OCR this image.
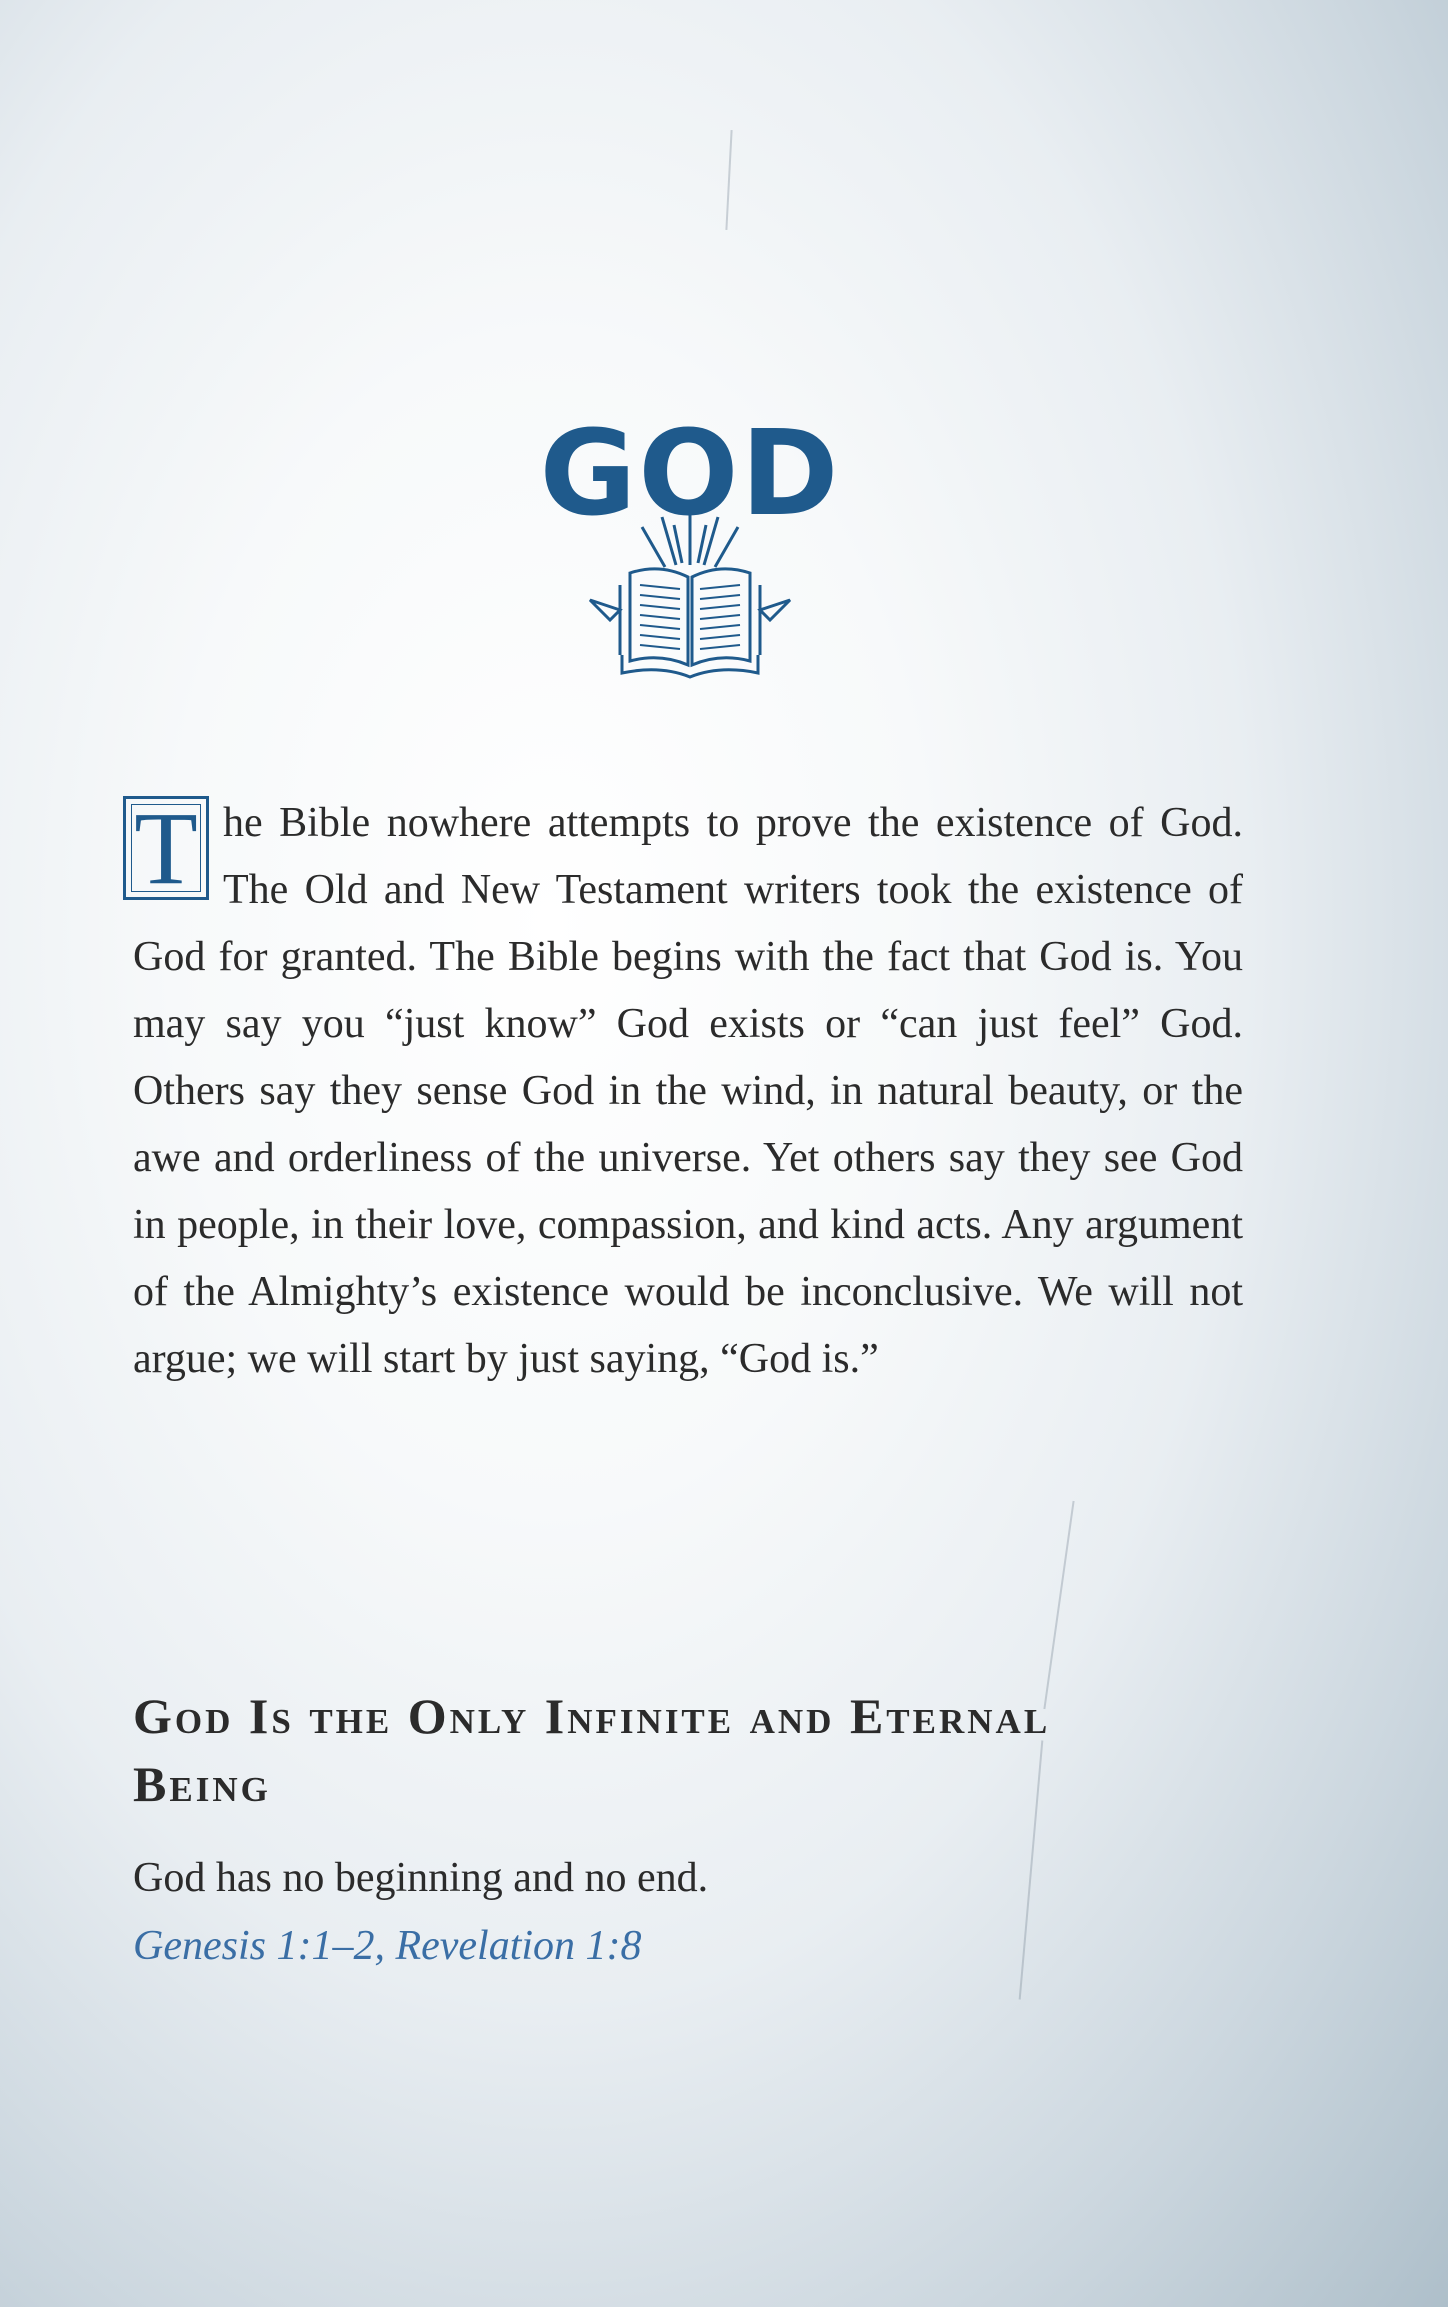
GOD
T he Bible nowhere attempts to prove the existence of God. The Old and New Testament writers took the existence of God for granted. The Bible begins with the fact that God is. You may say you “just know” God exists or “can just feel” God. Others say they sense God in the wind, in natural beauty, or the awe and orderliness of the universe. Yet others say they see God in people, in their love, compassion, and kind acts. Any argument of the Almighty’s existence would be inconclusive. We will not argue; we will start by just saying, “God is.”
God Is the Only Infinite and Eternal Being

God has no beginning and no end.

Genesis 1:1–2, Revelation 1:8
